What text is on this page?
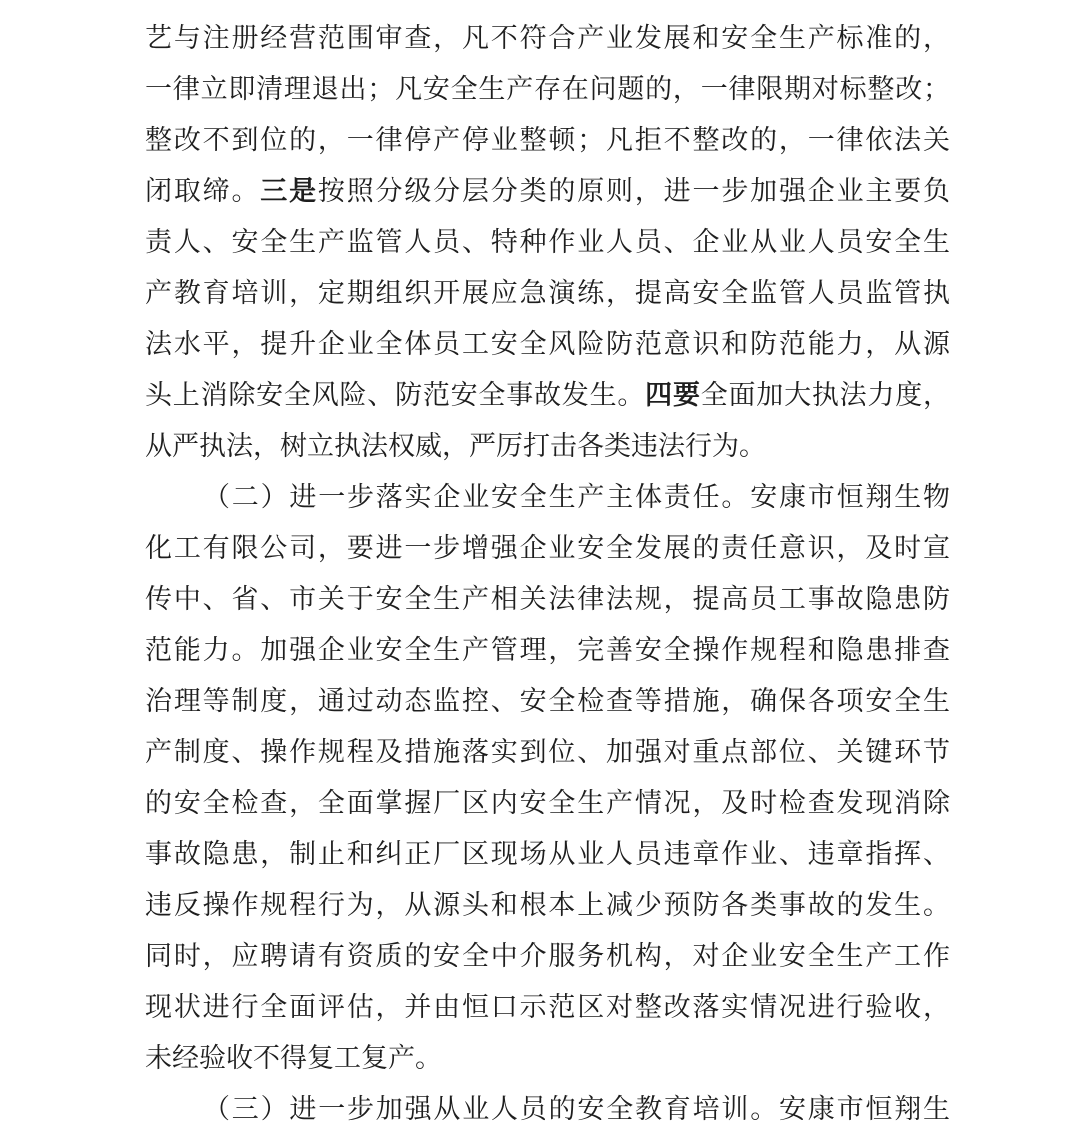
艺与注册经营范围审查，凡不符合产业发展和安全生产标准的，
一律立即清理退出；凡安全生产存在问题的，一律限期对标整改；
整改不到位的，一律停产停业整顿；凡拒不整改的，一律依法关
闭取缔。三是按照分级分层分类的原则，进一步加强企业主要负
责人、安全生产监管人员、特种作业人员、企业从业人员安全生
产教育培训，定期组织开展应急演练，提高安全监管人员监管执
法水平，提升企业全体员工安全风险防范意识和防范能力，从源
头上消除安全风险、防范安全事故发生。四要全面加大执法力度，
从严执法，树立执法权威，严厉打击各类违法行为。
（二）进一步落实企业安全生产主体责任。安康市恒翔生物
化工有限公司，要进一步增强企业安全发展的责任意识，及时宣
传中、省、市关于安全生产相关法律法规，提高员工事故隐患防
范能力。加强企业安全生产管理，完善安全操作规程和隐患排查
治理等制度，通过动态监控、安全检查等措施，确保各项安全生
产制度、操作规程及措施落实到位、加强对重点部位、关键环节
的安全检查，全面掌握厂区内安全生产情况，及时检查发现消除
事故隐患，制止和纠正厂区现场从业人员违章作业、违章指挥、
违反操作规程行为，从源头和根本上减少预防各类事故的发生。
同时，应聘请有资质的安全中介服务机构，对企业安全生产工作
现状进行全面评估，并由恒口示范区对整改落实情况进行验收，
未经验收不得复工复产。
（三）进一步加强从业人员的安全教育培训。安康市恒翔生
